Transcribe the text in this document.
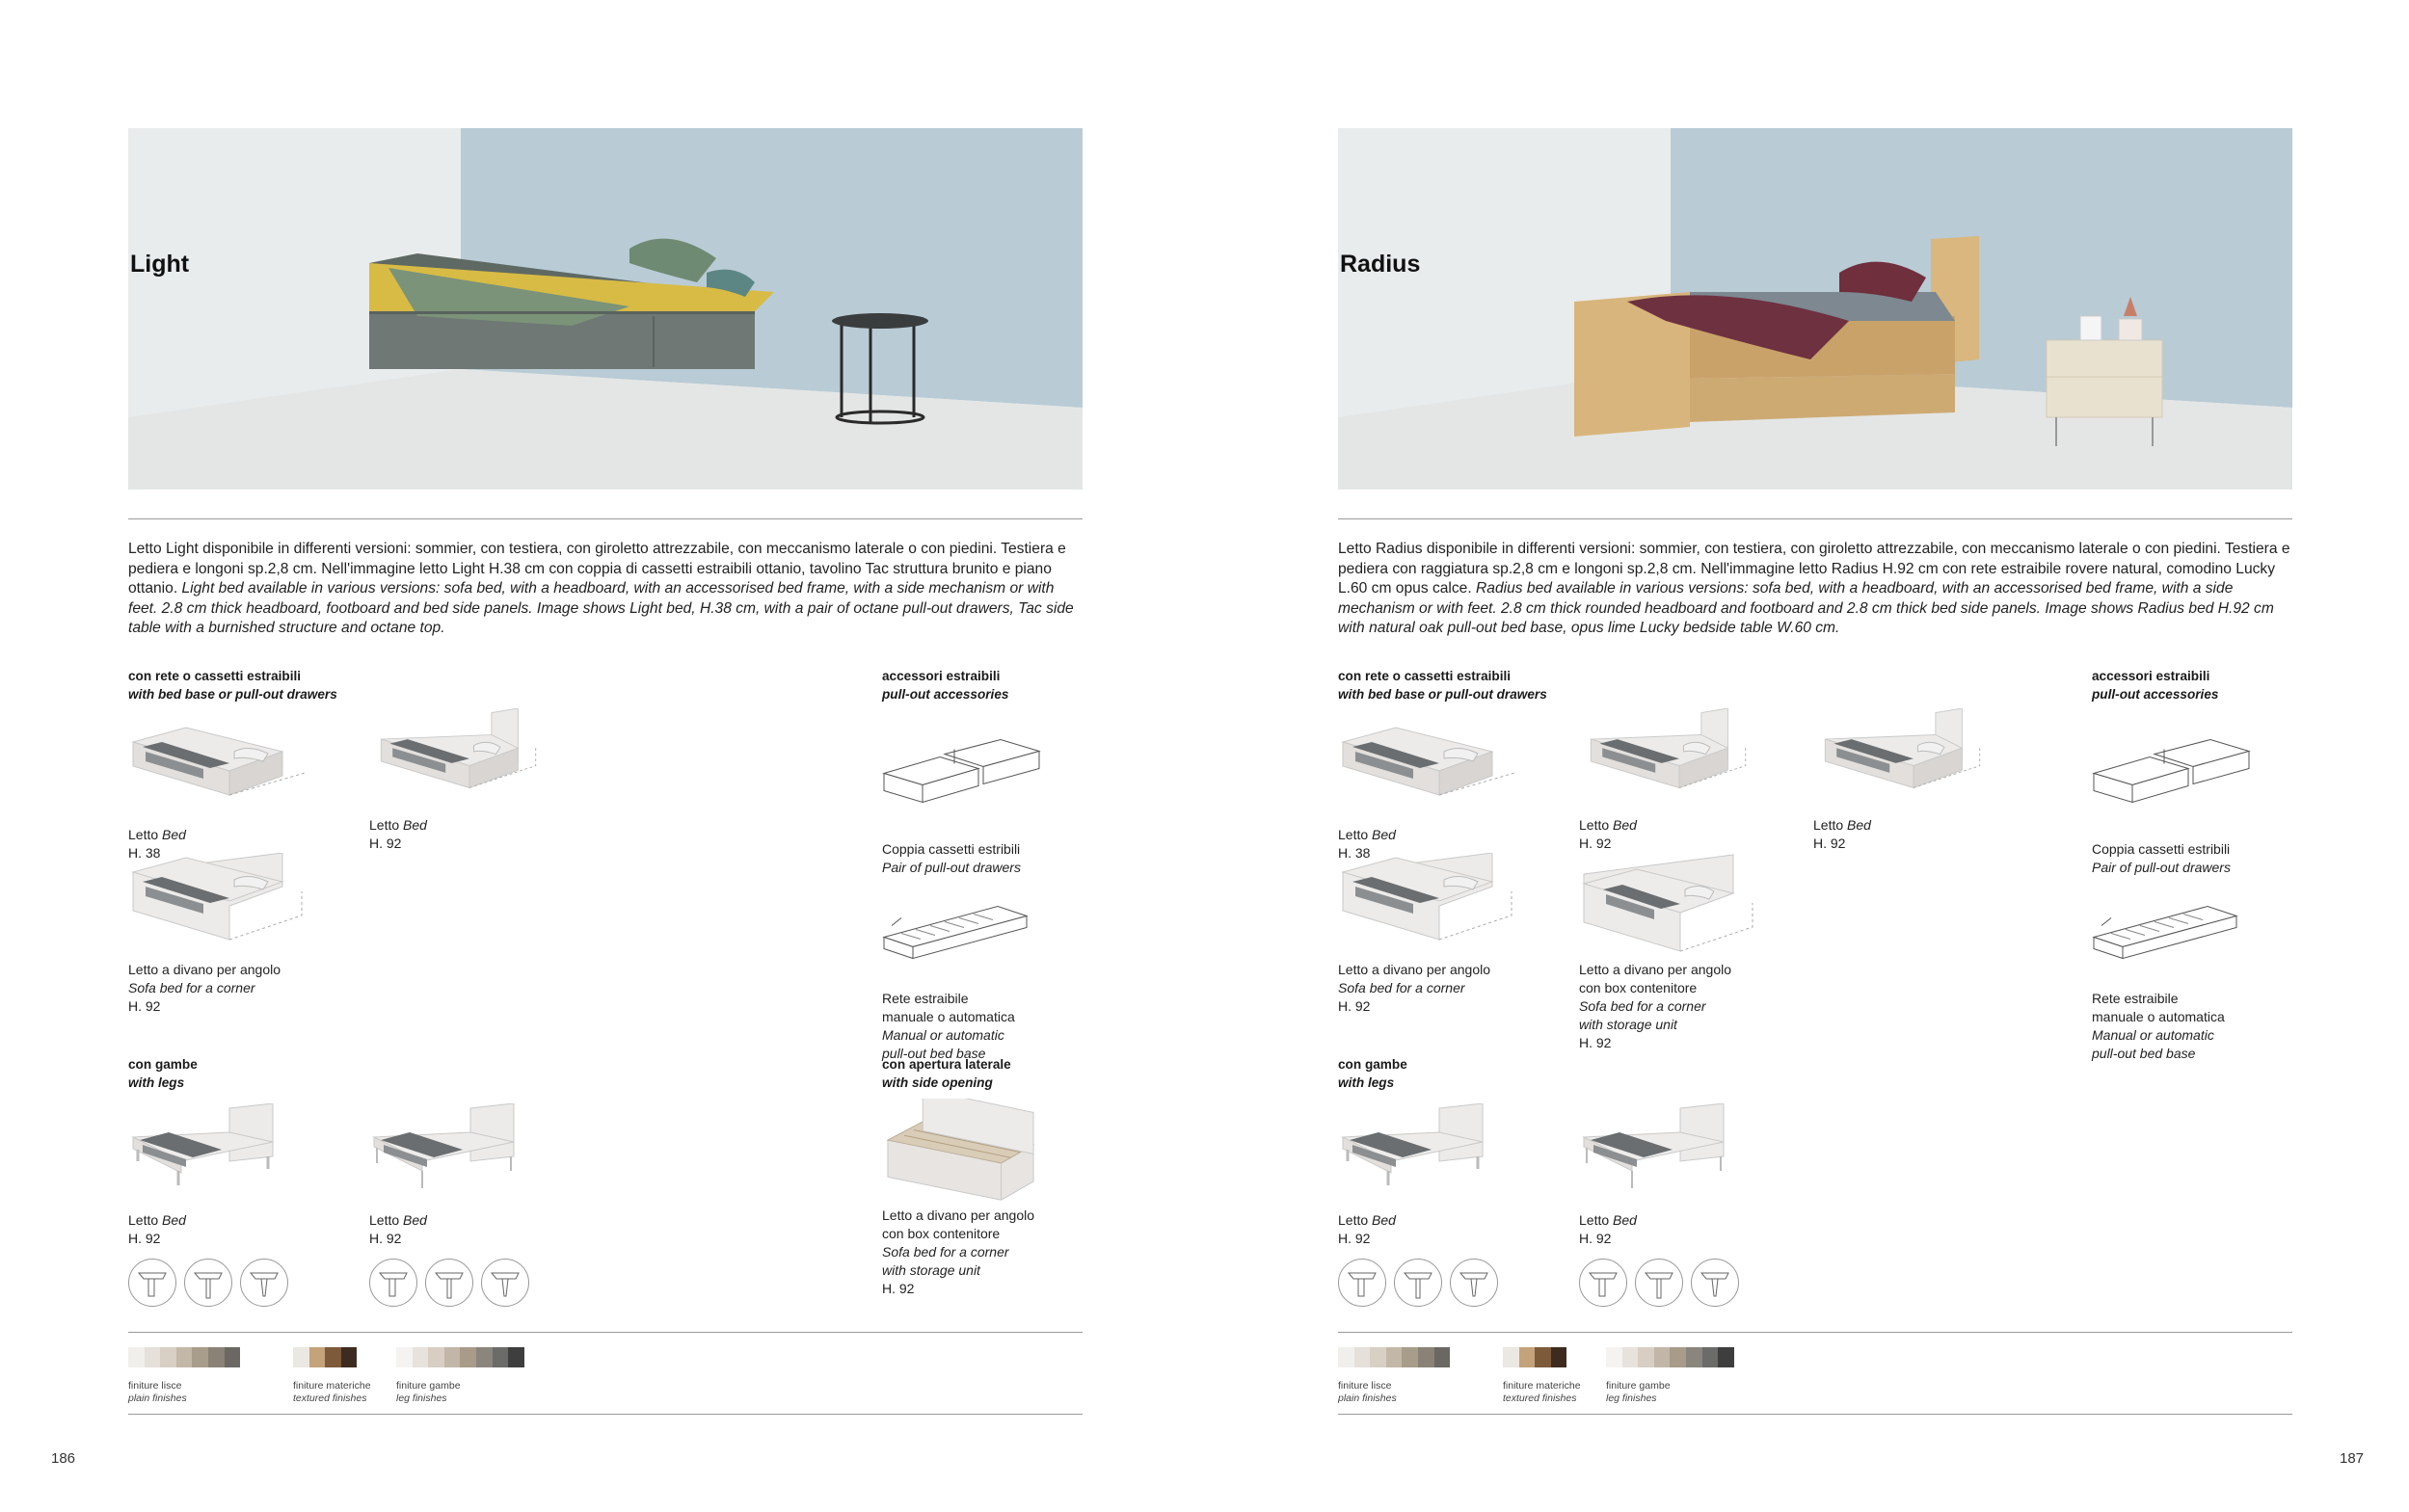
Light

Letto Light disponibile in differenti versioni: sommier, con testiera, con giroletto attrezzabile, con meccanismo laterale o con piedini. Testiera e pediera e longoni sp.2,8 cm. Nell'immagine letto Light H.38 cm con coppia di cassetti estraibili ottanio, tavolino Tac struttura brunito e piano ottanio. Light bed available in various versions: sofa bed, with a headboard, with an accessorised bed frame, with a side mechanism or with feet. 2.8 cm thick headboard, footboard and bed side panels. Image shows Light bed, H.38 cm, with a pair of octane pull-out drawers, Tac side table with a burnished structure and octane top.

con rete o cassetti estraibili
with bed base or pull-out drawers
accessori estraibili
pull-out accessories
Letto Bed
H. 38
Letto Bed
H. 92
Letto a divano per angolo
Sofa bed for a corner
H. 92
Coppia cassetti estribili
Pair of pull-out drawers
Rete estraibile
manuale o automatica
Manual or automatic
pull-out bed base
con gambe
with legs
con apertura laterale
with side opening
Letto Bed
H. 92
Letto Bed
H. 92
Letto a divano per angolo
con box contenitore
Sofa bed for a corner
with storage unit
H. 92
finiture lisce
plain finishes
finiture materiche
textured finishes
finiture gambe
leg finishes
186
Radius

Letto Radius disponibile in differenti versioni: sommier, con testiera, con giroletto attrezzabile, con meccanismo laterale o con piedini. Testiera e pediera con raggiatura sp.2,8 cm e longoni sp.2,8 cm. Nell'immagine letto Radius H.92 cm con rete estraibile rovere natural, comodino Lucky L.60 cm opus calce. Radius bed available in various versions: sofa bed, with a headboard, with an accessorised bed frame, with a side mechanism or with feet. 2.8 cm thick rounded headboard and footboard and 2.8 cm thick bed side panels. Image shows Radius bed H.92 cm with natural oak pull-out bed base, opus lime Lucky bedside table W.60 cm.

con rete o cassetti estraibili
with bed base or pull-out drawers
accessori estraibili
pull-out accessories
Letto Bed
H. 38
Letto Bed
H. 92
Letto Bed
H. 92
Letto a divano per angolo
Sofa bed for a corner
H. 92
Letto a divano per angolo
con box contenitore
Sofa bed for a corner
with storage unit
H. 92
Coppia cassetti estribili
Pair of pull-out drawers
Rete estraibile
manuale o automatica
Manual or automatic
pull-out bed base
con gambe
with legs
Letto Bed
H. 92
Letto Bed
H. 92
finiture lisce
plain finishes
finiture materiche
textured finishes
finiture gambe
leg finishes
187
